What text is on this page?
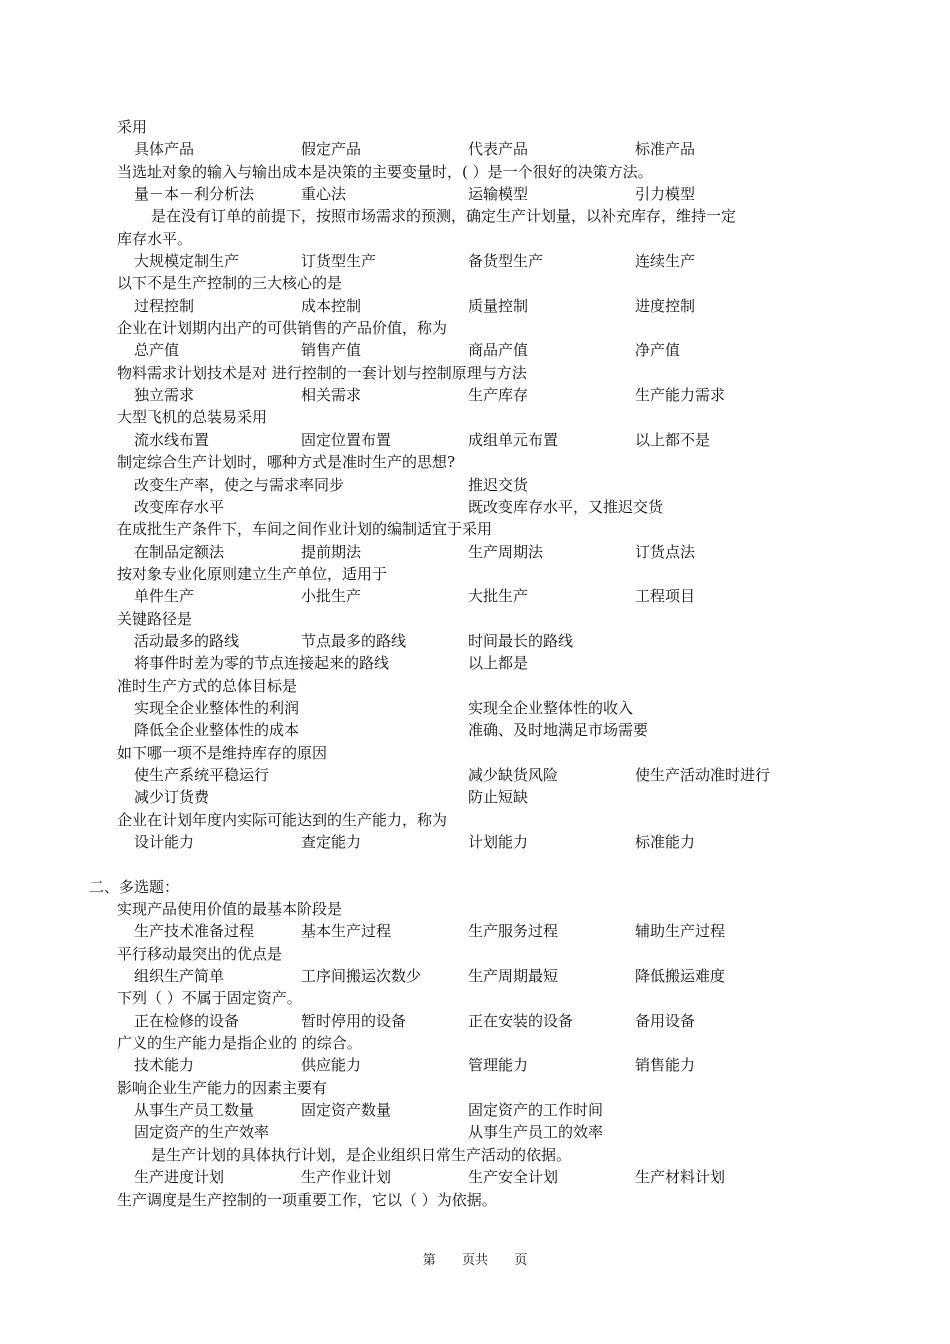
采用
具体产品	假定产品	代表产品	标准产品
当选址对象的输入与输出成本是决策的主要变量时，( ）是一个很好的决策方法。
量－本－利分析法	重心法	运输模型	引力模型
是在没有订单的前提下，按照市场需求的预测，确定生产计划量，以补充库存，维持一定
库存水平。
大规模定制生产	订货型生产	备货型生产	连续生产
以下不是生产控制的三大核心的是
过程控制	成本控制	质量控制	进度控制
企业在计划期内出产的可供销售的产品价值，称为
总产值	销售产值	商品产值	净产值
物料需求计划技术是对 进行控制的一套计划与控制原理与方法
独立需求	相关需求	生产库存	生产能力需求
大型飞机的总装易采用
流水线布置	固定位置布置	成组单元布置	以上都不是
制定综合生产计划时，哪种方式是准时生产的思想?
改变生产率，使之与需求率同步	推迟交货
改变库存水平	既改变库存水平，又推迟交货
在成批生产条件下，车间之间作业计划的编制适宜于采用
在制品定额法	提前期法	生产周期法	订货点法
按对象专业化原则建立生产单位，适用于
单件生产	小批生产	大批生产	工程项目
关键路径是
活动最多的路线	节点最多的路线	时间最长的路线
将事件时差为零的节点连接起来的路线	以上都是
准时生产方式的总体目标是
实现全企业整体性的利润	实现全企业整体性的收入
降低全企业整体性的成本	准确、及时地满足市场需要
如下哪一项不是维持库存的原因
使生产系统平稳运行	减少缺货风险	使生产活动准时进行
减少订货费	防止短缺
企业在计划年度内实际可能达到的生产能力，称为
设计能力	查定能力	计划能力	标准能力
二、多选题：
实现产品使用价值的最基本阶段是
生产技术准备过程	基本生产过程	生产服务过程	辅助生产过程
平行移动最突出的优点是
组织生产简单	工序间搬运次数少	生产周期最短	降低搬运难度
下列（ ）不属于固定资产。
正在检修的设备	暂时停用的设备	正在安装的设备	备用设备
广义的生产能力是指企业的 的综合。
技术能力	供应能力	管理能力	销售能力
影响企业生产能力的因素主要有
从事生产员工数量	固定资产数量	固定资产的工作时间
固定资产的生产效率	从事生产员工的效率
是生产计划的具体执行计划，是企业组织日常生产活动的依据。
生产进度计划	生产作业计划	生产安全计划	生产材料计划
生产调度是生产控制的一项重要工作，它以（ ）为依据。
第 页共 页
